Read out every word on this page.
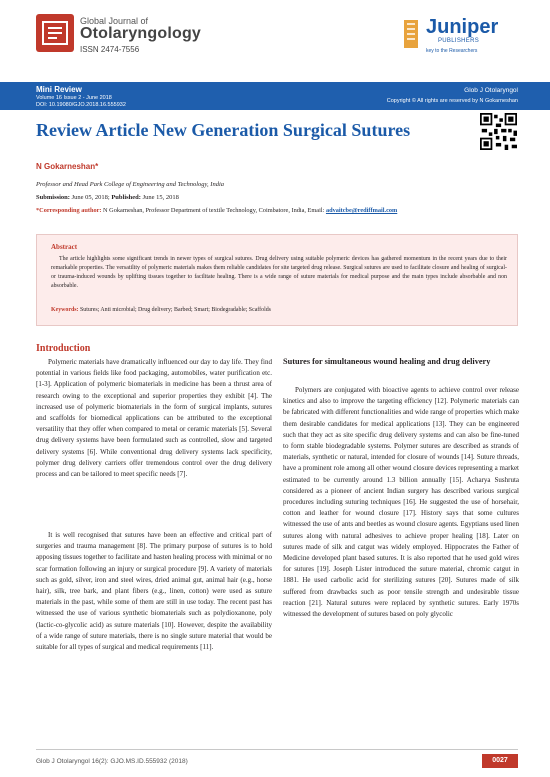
Global Journal of
Otolaryngology
ISSN 2474-7556
Juniper
PUBLISHERS
key to the Researchers
Mini Review
Volume 16 Issue 2 - June 2018
DOI: 10.19080/GJO.2018.16.555932
Glob J Otolaryngol
Copyright © All rights are reserved by N Gokarneshan
Review Article New Generation Surgical Sutures
N Gokarneshan*
Professor and Head Park College of Engineering and Technology, India
Submission: June 05, 2018; Published: June 15, 2018
*Corresponding author: N Gokarneshan, Professor Department of textile Technology, Coimbatore, India, Email: advaitcbe@rediffmail.com
Abstract
The article highlights some significant trends in newer types of surgical sutures. Drug delivery using suitable polymeric devices has gathered momentum in the recent years due to their remarkable properties. The versatility of polymeric materials makes them reliable candidates for site targeted drug release. Surgical sutures are used to facilitate closure and healing of surgical- or trauma-induced wounds by uplifting tissues together to facilitate healing. There is a wide range of suture materials for medical purpose and the main types include absorbable and non absorbable.
Keywords: Sutures; Anti microbial; Drug delivery; Barbed; Smart; Biodegradable; Scaffolds
Introduction
Sutures for simultaneous wound healing and drug delivery

Polymeric materials have dramatically influenced our day to day life. They find potential in various fields like food packaging, automobiles, water purification etc. [1-3]. Application of polymeric biomaterials in medicine has been a thrust area of research owing to the exceptional and superior properties they exhibit [4]. The increased use of polymeric biomaterials in the form of surgical implants, sutures and scaffolds for biomedical applications can be attributed to the exceptional versatility that they offer when compared to metal or ceramic materials [5]. Several drug delivery systems have been formulated such as controlled, slow and targeted delivery systems [6]. While conventional drug delivery systems lack specificity, polymer drug delivery carriers offer tremendous control over the drug delivery process and can be tailored to meet specific needs [7].

It is well recognised that sutures have been an effective and critical part of surgeries and trauma management [8]. The primary purpose of sutures is to hold apposing tissues together to facilitate and hasten healing process with minimal or no scar formation following an injury or surgical procedure [9]. A variety of materials such as gold, silver, iron and steel wires, dried animal gut, animal hair (e.g., horse hair), silk, tree bark, and plant fibers (e.g., linen, cotton) were used as suture materials in the past, while some of them are still in use today. The recent past has witnessed the use of various synthetic biomaterials such as polydioxanone, poly (lactic-co-glycolic acid) as suture materials [10]. However, despite the availability of a wide range of suture materials, there is no single suture material that would be suitable for all types of surgical and medical requirements [11].

Polymers are conjugated with bioactive agents to achieve control over release kinetics and also to improve the targeting efficiency [12]. Polymeric materials can be fabricated with different functionalities and wide range of properties which make them desirable candidates for medical applications [13]. They can be engineered such that they act as site specific drug delivery systems and can also be fine-tuned to form stable biodegradable systems. Polymer sutures are described as strands of materials, synthetic or natural, intended for closure of wounds [14]. Suture threads, have a prominent role among all other wound closure devices representing a market estimated to be currently around 1.3 billion annually [15]. Acharya Sushruta considered as a pioneer of ancient Indian surgery has described various surgical procedures including suturing techniques [16]. He suggested the use of horsehair, cotton and leather for wound closure [17]. History says that some cultures witnessed the use of ants and beetles as wound closure agents. Egyptians used linen sutures along with natural adhesives to achieve proper healing [18]. Later on sutures made of silk and catgut was widely employed. Hippocrates the Father of Medicine developed plant based sutures. It is also reported that he used gold wires for sutures [19]. Joseph Lister introduced the suture material, chromic catgut in 1881. He used carbolic acid for sterilizing sutures [20]. Sutures made of silk suffered from drawbacks such as poor tensile strength and undesirable tissue reaction [21]. Natural sutures were replaced by synthetic sutures. Early 1970s witnessed the development of sutures based on poly glycolic

Glob J Otolaryngol 16(2): GJO.MS.ID.555932 (2018)	0027
